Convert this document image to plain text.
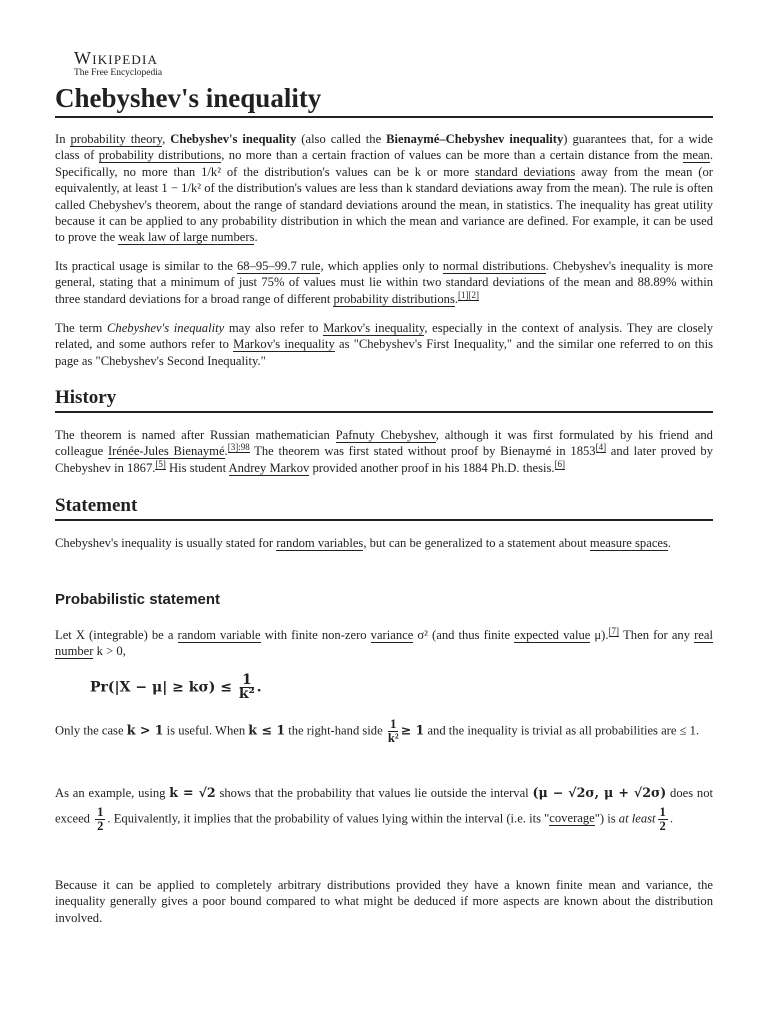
Wikipedia
The Free Encyclopedia
Chebyshev's inequality

In probability theory, Chebyshev's inequality (also called the Bienaymé–Chebyshev inequality) guarantees that, for a wide class of probability distributions, no more than a certain fraction of values can be more than a certain distance from the mean. Specifically, no more than 1/k² of the distribution's values can be k or more standard deviations away from the mean (or equivalently, at least 1 − 1/k² of the distribution's values are less than k standard deviations away from the mean). The rule is often called Chebyshev's theorem, about the range of standard deviations around the mean, in statistics. The inequality has great utility because it can be applied to any probability distribution in which the mean and variance are defined. For example, it can be used to prove the weak law of large numbers.

Its practical usage is similar to the 68–95–99.7 rule, which applies only to normal distributions. Chebyshev's inequality is more general, stating that a minimum of just 75% of values must lie within two standard deviations of the mean and 88.89% within three standard deviations for a broad range of different probability distributions.[1][2]

The term Chebyshev's inequality may also refer to Markov's inequality, especially in the context of analysis. They are closely related, and some authors refer to Markov's inequality as "Chebyshev's First Inequality," and the similar one referred to on this page as "Chebyshev's Second Inequality."

History

The theorem is named after Russian mathematician Pafnuty Chebyshev, although it was first formulated by his friend and colleague Irénée-Jules Bienaymé.$^{[3]:98}$ The theorem was first stated without proof by Bienaymé in 1853[4] and later proved by Chebyshev in 1867.[5] His student Andrey Markov provided another proof in his 1884 Ph.D. thesis.[6]

Statement

Chebyshev's inequality is usually stated for random variables, but can be generalized to a statement about measure spaces.

Probabilistic statement

Let X (integrable) be a random variable with finite non-zero variance σ² (and thus finite expected value μ).[7] Then for any real number k > 0,

$Pr(|X - \mu| \ge k\sigma) \le \frac{1}{\text{k²}}$ .

Only the case k > 1 is useful. When k ≤ 1 the right-hand side $\frac{1}{\text{k²}} \ge 1$ and the inequality is trivial as all probabilities are ≤ 1.

As an example, using k = √2 shows that the probability that values lie outside the interval (μ − √2σ, μ + √2σ) does not exceed $\frac{1}{2}$ . Equivalently, it implies that the probability of values lying within the interval (i.e. its "coverage") is at least $\frac{1}{2}$ .

Because it can be applied to completely arbitrary distributions provided they have a known finite mean and variance, the inequality generally gives a poor bound compared to what might be deduced if more aspects are known about the distribution involved.
